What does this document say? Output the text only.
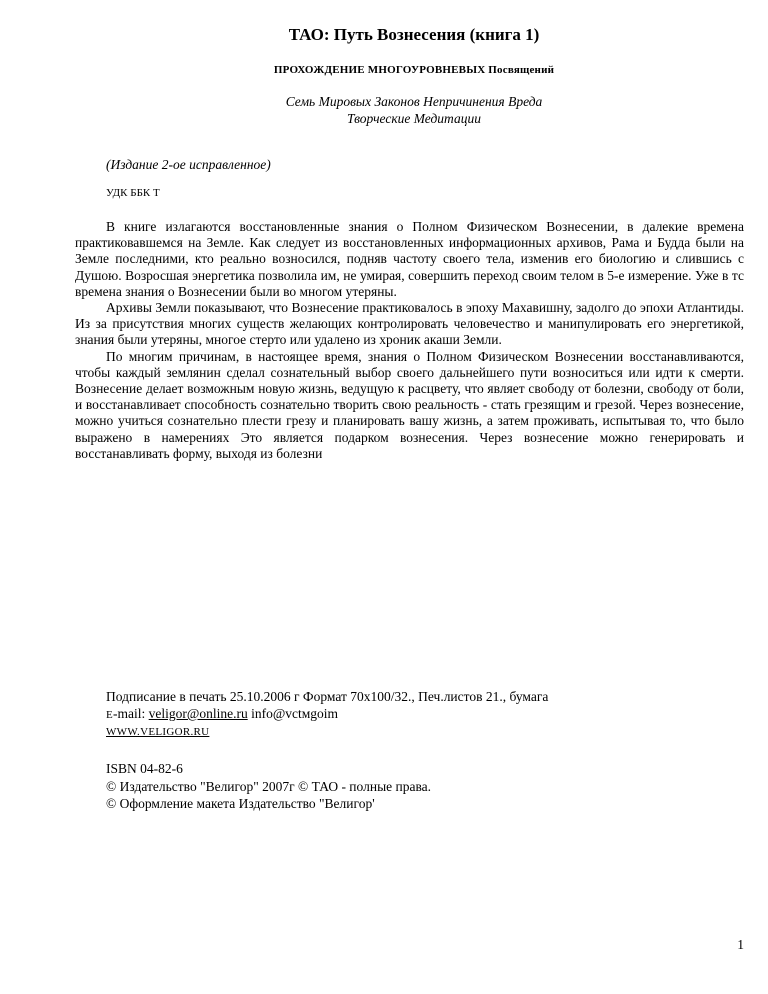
ТАО: Путь Вознесения (книга 1)
ПРОХОЖДЕНИЕ МНОГОУРОВНЕВЫХ Посвящений
Семь Мировых Законов Непричинения Вреда
Творческие Медитации
(Издание 2-ое исправленное)
УДК ББК Т

В книге излагаются восстановленные знания о Полном Физическом Вознесении, в далекие времена практиковавшемся на Земле. Как следует из восстановленных информационных архивов, Рама и Будда были на Земле последними, кто реально возносился, подняв частоту своего тела, изменив его биологию и слившись с Душою. Возросшая энергетика позволила им, не умирая, совершить переход своим телом в 5-е измерение. Уже в тс времена знания о Вознесении были во многом утеряны.

Архивы Земли показывают, что Вознесение практиковалось в эпоху Махавишну, задолго до эпохи Атлантиды. Из за присутствия многих существ желающих контролировать человечество и манипулировать его энергетикой, знания были утеряны, многое стерто или удалено из хроник акаши Земли.

По многим причинам, в настоящее время, знания о Полном Физическом Вознесении восстанавливаются, чтобы каждый землянин сделал сознательный выбор своего дальнейшего пути возноситься или идти к смерти. Вознесение делает возможным новую жизнь, ведущую к расцвету, что являет свободу от болезни, свободу от боли, и восстанавливает способность сознательно творить свою реальность - стать грезящим и грезой. Через вознесение, можно учиться сознательно плести грезу и планировать вашу жизнь, а затем проживать, испытывая то, что было выражено в намерениях Это является подарком вознесения. Через вознесение можно генерировать и восстанавливать форму, выходя из болезни

Подписание в печать 25.10.2006 г Формат 70х100/32., Печ.листов 21., бумага
E-mail: veligor@online.ru info@vctмgoim
WWW.VELIGOR.RU
ISBN 04-82-6
© Издательство "Велигор" 2007г © ТАО - полные права.
© Оформление макета Издательство "Велигор'
1
